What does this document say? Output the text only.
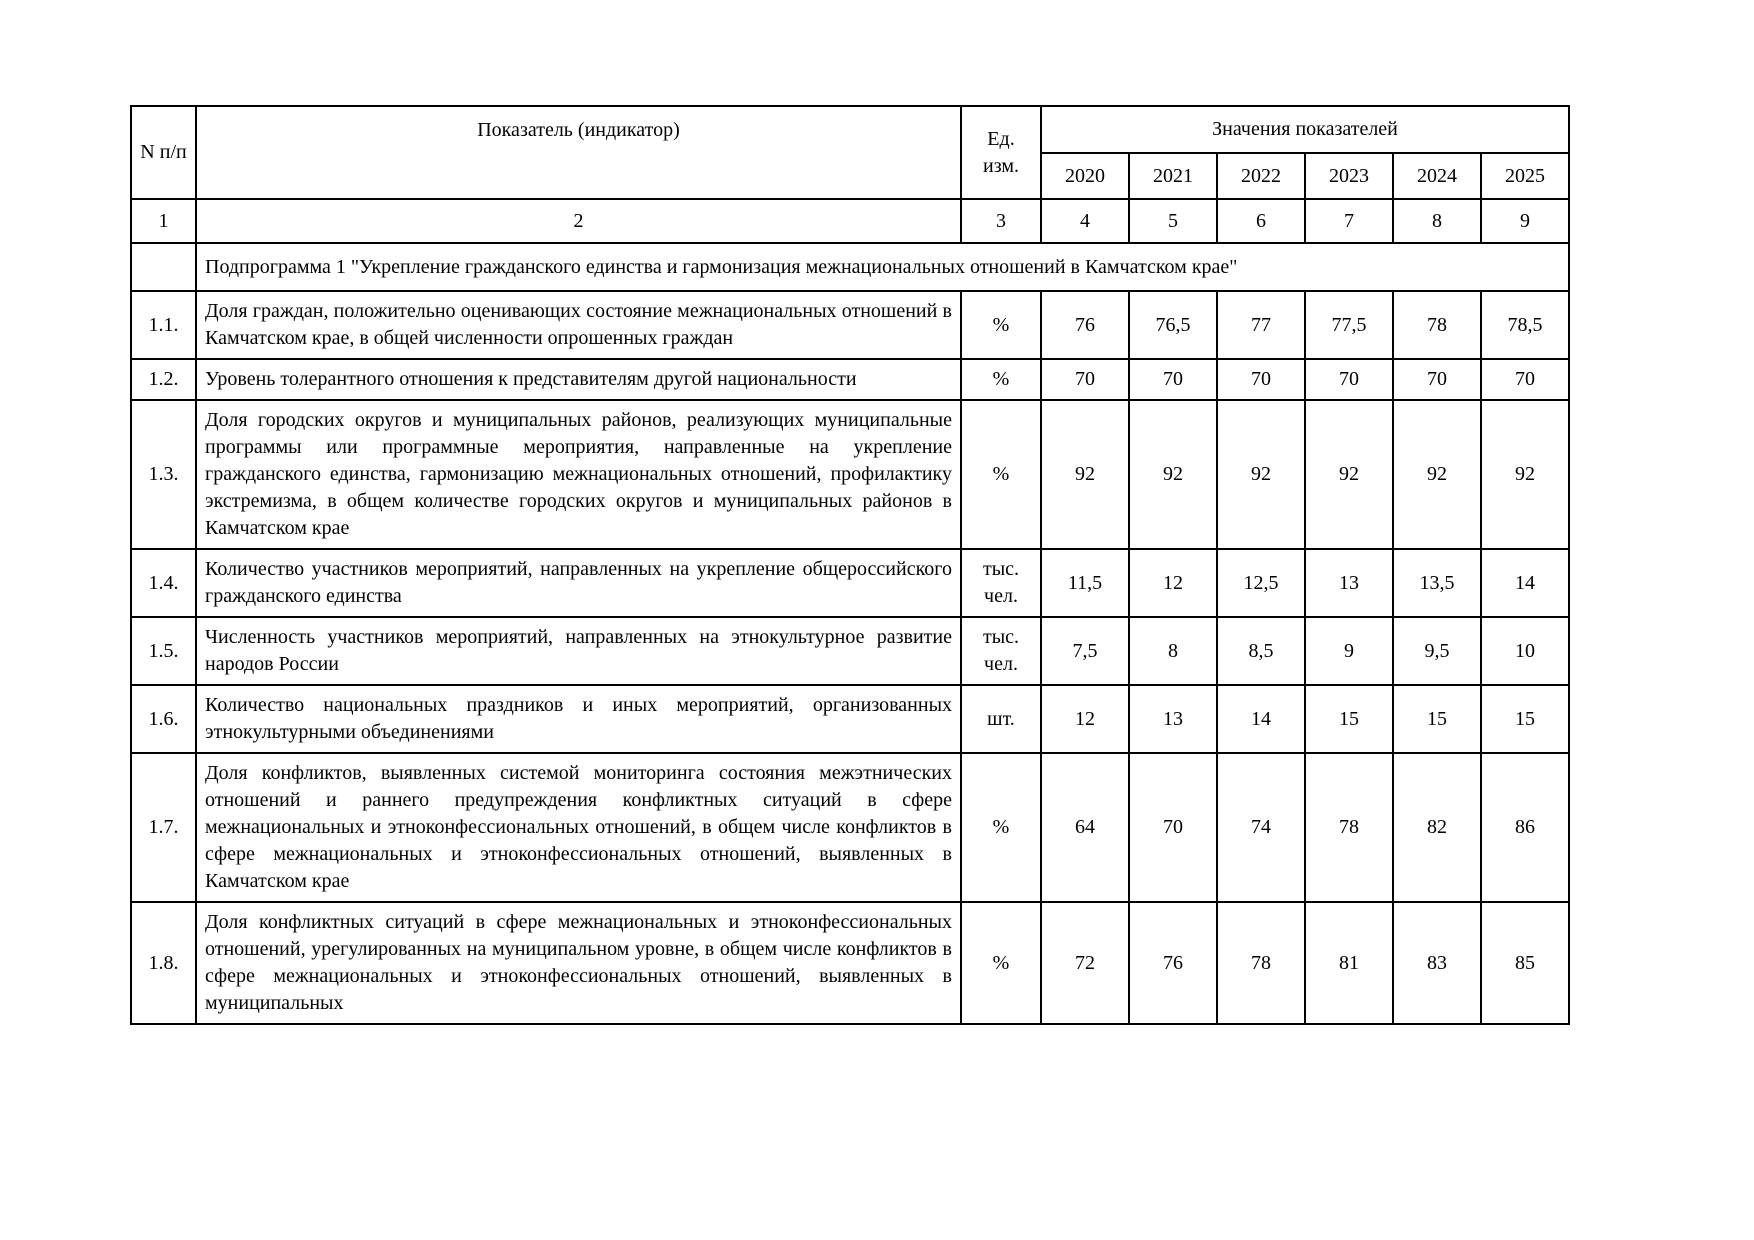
N п/п	Показатель (индикатор)	Ед. изм.	Значения показателей					
			2020	2021	2022	2023	2024	2025
1	2	3	4	5	6	7	8	9
	Подпрограмма 1 "Укрепление гражданского единства и гармонизация межнациональных отношений в Камчатском крае"							
1.1.	Доля граждан, положительно оценивающих состояние межнациональных отношений в Камчатском крае, в общей численности опрошенных граждан	%	76	76,5	77	77,5	78	78,5
1.2.	Уровень толерантного отношения к представителям другой национальности	%	70	70	70	70	70	70
1.3.	Доля городских округов и муниципальных районов, реализующих муниципальные программы или программные мероприятия, направленные на укрепление гражданского единства, гармонизацию межнациональных отношений, профилактику экстремизма, в общем количестве городских округов и муниципальных районов в Камчатском крае	%	92	92	92	92	92	92
1.4.	Количество участников мероприятий, направленных на укрепление общероссийского гражданского единства	тыс. чел.	11,5	12	12,5	13	13,5	14
1.5.	Численность участников мероприятий, направленных на этнокультурное развитие народов России	тыс. чел.	7,5	8	8,5	9	9,5	10
1.6.	Количество национальных праздников и иных мероприятий, организованных этнокультурными объединениями	шт.	12	13	14	15	15	15
1.7.	Доля конфликтов, выявленных системой мониторинга состояния межэтнических отношений и раннего предупреждения конфликтных ситуаций в сфере межнациональных и этноконфессиональных отношений, в общем числе конфликтов в сфере межнациональных и этноконфессиональных отношений, выявленных в Камчатском крае	%	64	70	74	78	82	86
1.8.	Доля конфликтных ситуаций в сфере межнациональных и этноконфессиональных отношений, урегулированных на муниципальном уровне, в общем числе конфликтов в сфере межнациональных и этноконфессиональных отношений, выявленных в муниципальных	%	72	76	78	81	83	85
